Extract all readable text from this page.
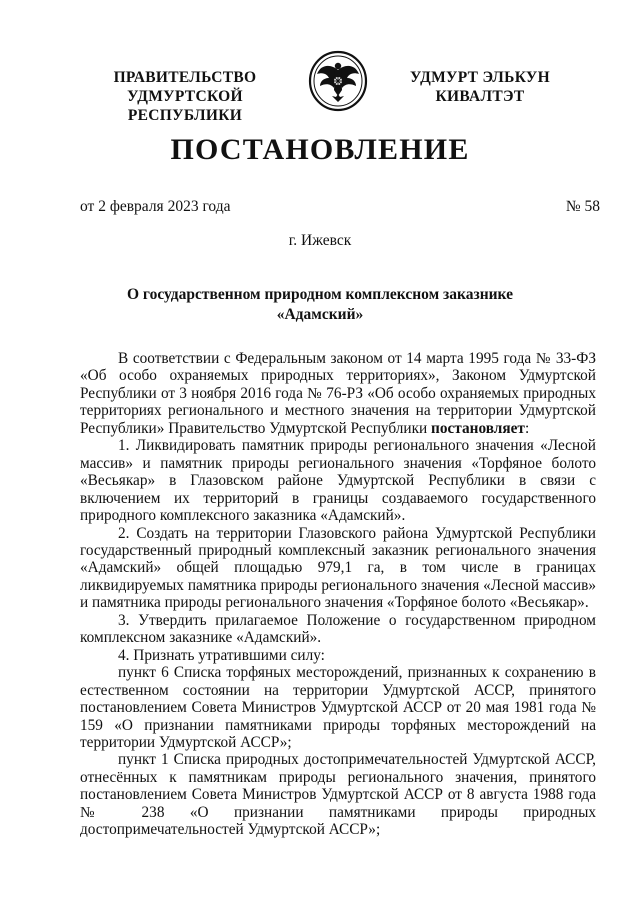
ПРАВИТЕЛЬСТВО
УДМУРТСКОЙ РЕСПУБЛИКИ
УДМУРТ ЭЛЬКУН
КИВАЛТЭТ
ПОСТАНОВЛЕНИЕ
от 2 февраля 2023 года	№ 58
г. Ижевск
О государственном природном комплексном заказнике
«Адамский»

В соответствии с Федеральным законом от 14 марта 1995 года № 33-ФЗ «Об особо охраняемых природных территориях», Законом Удмуртской Республики от 3 ноября 2016 года № 76-РЗ «Об особо охраняемых природных территориях регионального и местного значения на территории Удмуртской Республики» Правительство Удмуртской Республики постановляет:

1. Ликвидировать памятник природы регионального значения «Лесной массив» и памятник природы регионального значения «Торфяное болото «Весьякар» в Глазовском районе Удмуртской Республики в связи с включением их территорий в границы создаваемого государственного природного комплексного заказника «Адамский».

2. Создать на территории Глазовского района Удмуртской Республики государственный природный комплексный заказник регионального значения «Адамский» общей площадью 979,1 га, в том числе в границах ликвидируемых памятника природы регионального значения «Лесной массив» и памятника природы регионального значения «Торфяное болото «Весьякар».

3. Утвердить прилагаемое Положение о государственном природном комплексном заказнике «Адамский».

4. Признать утратившими силу:

пункт 6 Списка торфяных месторождений, признанных к сохранению в естественном состоянии на территории Удмуртской АССР, принятого постановлением Совета Министров Удмуртской АССР от 20 мая 1981 года № 159 «О признании памятниками природы торфяных месторождений на территории Удмуртской АССР»;

пункт 1 Списка природных достопримечательностей Удмуртской АССР, отнесённых к памятникам природы регионального значения, принятого постановлением Совета Министров Удмуртской АССР от 8 августа 1988 года № 238 «О признании памятниками природы природных достопримечательностей Удмуртской АССР»;
